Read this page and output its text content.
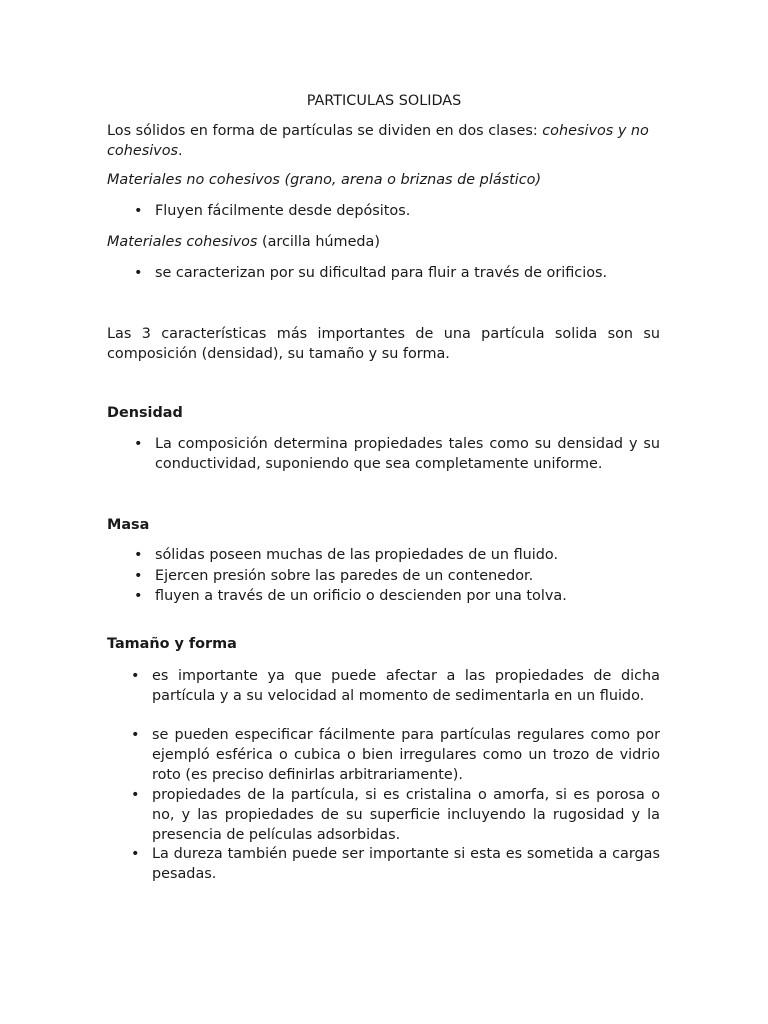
PARTICULAS SOLIDAS

Los sólidos en forma de partículas se dividen en dos clases: cohesivos y no cohesivos.

Materiales no cohesivos (grano, arena o briznas de plástico)

• Fluyen fácilmente desde depósitos.

Materiales cohesivos (arcilla húmeda)

• se caracterizan por su dificultad para fluir a través de orificios.

Las 3 características más importantes de una partícula solida son su composición (densidad), su tamaño y su forma.

Densidad

• La composición determina propiedades tales como su densidad y su conductividad, suponiendo que sea completamente uniforme.

Masa

• sólidas poseen muchas de las propiedades de un fluido.

• Ejercen presión sobre las paredes de un contenedor.

• fluyen a través de un orificio o descienden por una tolva.

Tamaño y forma

• es importante ya que puede afectar a las propiedades de dicha partícula y a su velocidad al momento de sedimentarla en un fluido.

• se pueden especificar fácilmente para partículas regulares como por ejempló esférica o cubica o bien irregulares como un trozo de vidrio roto (es preciso definirlas arbitrariamente).

• propiedades de la partícula, si es cristalina o amorfa, si es porosa o no, y las propiedades de su superficie incluyendo la rugosidad y la presencia de películas adsorbidas.

• La dureza también puede ser importante si esta es sometida a cargas pesadas.
